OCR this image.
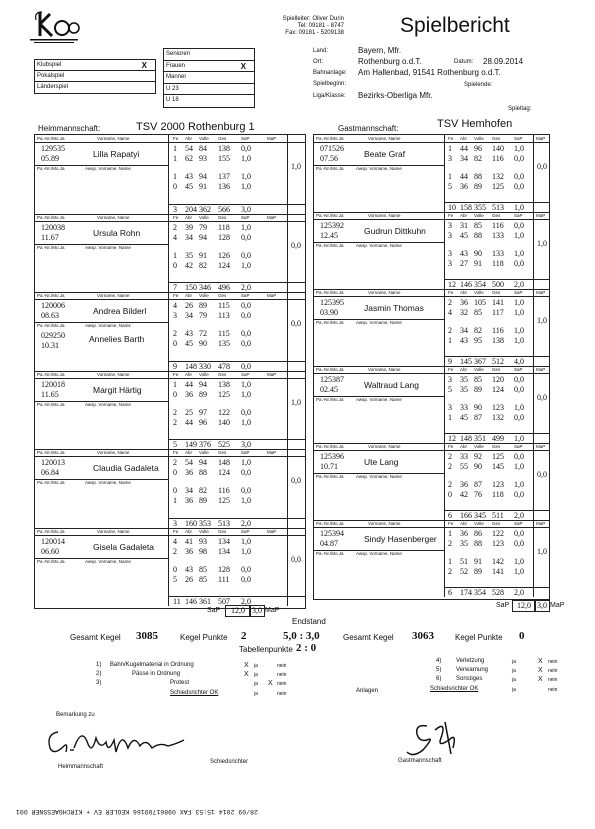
Spielleiter: Oliver Durin
Tel: 09181 - 8747
Fax: 09181 - 5209138	Spielbericht
Klubspiel	X
Pokalspiel
Länderspiel
Senioren
Frauen	X
Manner
U 23
U 18
Land:
Ort:
Bahnanlage:
Spielbeginn:
Liga/Klasse:
Bayern, Mfr.
Rothenburg o.d.T.
Am Hallenbad, 91541 Rothenburg o.d.T.
Bezirks-Oberliga Mfr.
Datum: 28.09.2014
Spielende:
Spieltag:
Heimmannschaft:	TSV 2000 Rothenburg 1	Gastmannschaft:	TSV Hemhofen
Pa.-Nr./Mo.Ja	Vorname, Name	Fe Abr Volle Ges	SaP	MaP
129535
05.89	Lilla Rapatyi
Pa.-Nr./Mo.Ja	Awsp. Vorname, Name
1 54 84 138 0,0
1 62 93 155 1,0
1 43 94 137 1,0
0 45 91 136 1,0
1,0
3 204 362 566 3,0
Pa.-Nr./Mo.Ja	Vorname, Name	Fe Abr Volle Ges	SaP	MaP
120038
11.67	Ursula Rohn
Pa.-Nr./Mo.Ja	Awsp. Vorname, Name
2 39 79 118 1,0
4 34 94 128 0,0
1 35 91 126 0,0
0 42 82 124 1,0
0,0
7 150 346 496 2,0
Pa.-Nr./Mo.Ja	Vorname, Name	Fe Abr Volle Ges	SaP	MaP
120006
08.63	Andrea Bilderl
Pa.-Nr./Mo.Ja	Awsp. Vorname, Name
029250
10.31
Annelies Barth
4 26 89 115 0,0
3 34 79 113 0,0
2 43 72 115 0,0
0 45 90 135 0,0
0,0
9 148 330 478 0,0
Pa.-Nr./Mo.Ja	Vorname, Name	Fe Abr Volle Ges	SaP	MaP
120018
11.65	Margit Härtig
Pa.-Nr./Mo.Ja	Awsp. Vorname, Name
1 44 94 138 1,0
0 36 89 125 1,0
2 25 97 122 0,0
2 44 96 140 1,0
1,0
5 149 376 525 3,0
Pa.-Nr./Mo.Ja	Vorname, Name	Fe Abr Volle Ges	SaP	MaP
120013
06.84	Claudia Gadaleta
Pa.-Nr./Mo.Ja	Awsp. Vorname, Name
2 54 94 148 1,0
0 36 88 124 0,0
0 34 82 116 0,0
1 36 89 125 1,0
0,0
3 160 353 513 2,0
Pa.-Nr./Mo.Ja	Vorname, Name	Fe Abr Volle Ges	SaP	MaP
120014
06.60	Gisela Gadaleta
Pa.-Nr./Mo.Ja	Awsp. Vorname, Name
4 41 93 134 1,0
2 36 98 134 1,0
0 43 85 128 0,0
5 26 85 111 0,0
0,0
11 146 361 507 2,0
Pa.-Nr./Mo.Ja	Vorname, Name	Fe Abr Volle Ges	SaP	MaP
071526
07.56	Beate Graf
Pa.-Nr./Mo.Ja	Awsp. Vorname, Name
1 44 96 140 1,0
3 34 82 116 0,0
1 44 88 132 0,0
5 36 89 125 0,0
0,0
10 158 355 513 1,0
Pa.-Nr./Mo.Ja	Vorname, Name	Fe Abr Volle Ges	SaP	MaP
125392
12.45	Gudrun Dittkuhn
Pa.-Nr./Mo.Ja	Awsp. Vorname, Name
3 31 85 116 0,0
3 45 88 133 1,0
3 43 90 133 1,0
3 27 91 118 0,0
1,0
12 146 354 500 2,0
Pa.-Nr./Mo.Ja	Vorname, Name	Fe Abr Volle Ges	SaP	MaP
125395
03.90	Jasmin Thomas
Pa.-Nr./Mo.Ja	Awsp. Vorname, Name
2 36 105 141 1,0
4 32 85 117 1,0
2 34 82 116 1,0
1 43 95 138 1,0
1,0
9 145 367 512 4,0
Pa.-Nr./Mo.Ja	Vorname, Name	Fe Abr Volle Ges	SaP	MaP
125387
02.45	Waltraud Lang
Pa.-Nr./Mo.Ja	Awsp. Vorname, Name
3 35 85 120 0,0
5 35 89 124 0,0
3 33 90 123 1,0
1 45 87 132 0,0
0,0
12 148 351 499 1,0
Pa.-Nr./Mo.Ja	Vorname, Name	Fe Abr Volle Ges	SaP	MaP
125396
10.71	Ute Lang
Pa.-Nr./Mo.Ja	Awsp. Vorname, Name
2 33 92 125 0,0
2 55 90 145 1,0
2 36 87 123 1,0
0 42 76 118 0,0
0,0
6 166 345 511 2,0
Pa.-Nr./Mo.Ja	Vorname, Name	Fe Abr Volle Ges	SaP	MaP
125394
04.87	Sindy Hasenberger
Pa.-Nr./Mo.Ja	Awsp. Vorname, Name
1 36 86 122 0,0
2 35 88 123 0,0
1 51 91 142 1,0
2 52 89 141 1,0
1,0
6 174 354 528 2,0
SaP	12,0 3,0 MaP
SaP 12,0 3,0 MaP
Endstand
Gesamt Kegel 3085	Kegel Punkte 2	5,0 : 3,0
Tabellenpunkte 2 : 0
Gesamt Kegel 3063	Kegel Punkte 0
1) Bahn/Kugelmaterial in Ordnung	X ja	nein
2)	Pässe in Ordnung	X ja	nein
3)	Protest	ja X nein
Schiedsrichter OK	ja	nein
4) Verletzung	ja	X nein
5) Verwarnung	ja	X nein
6) Sonstiges	ja	X nein
Schiedsrichter OK	ja	nein
Anlagen
Bemarkung zu
Heimmannschaft
Schiedsrichter	Gastmannschaft
28/09 2014 15:53 FAX 09861709166 KEGLER EV + KIRCHGAESSNER 001
